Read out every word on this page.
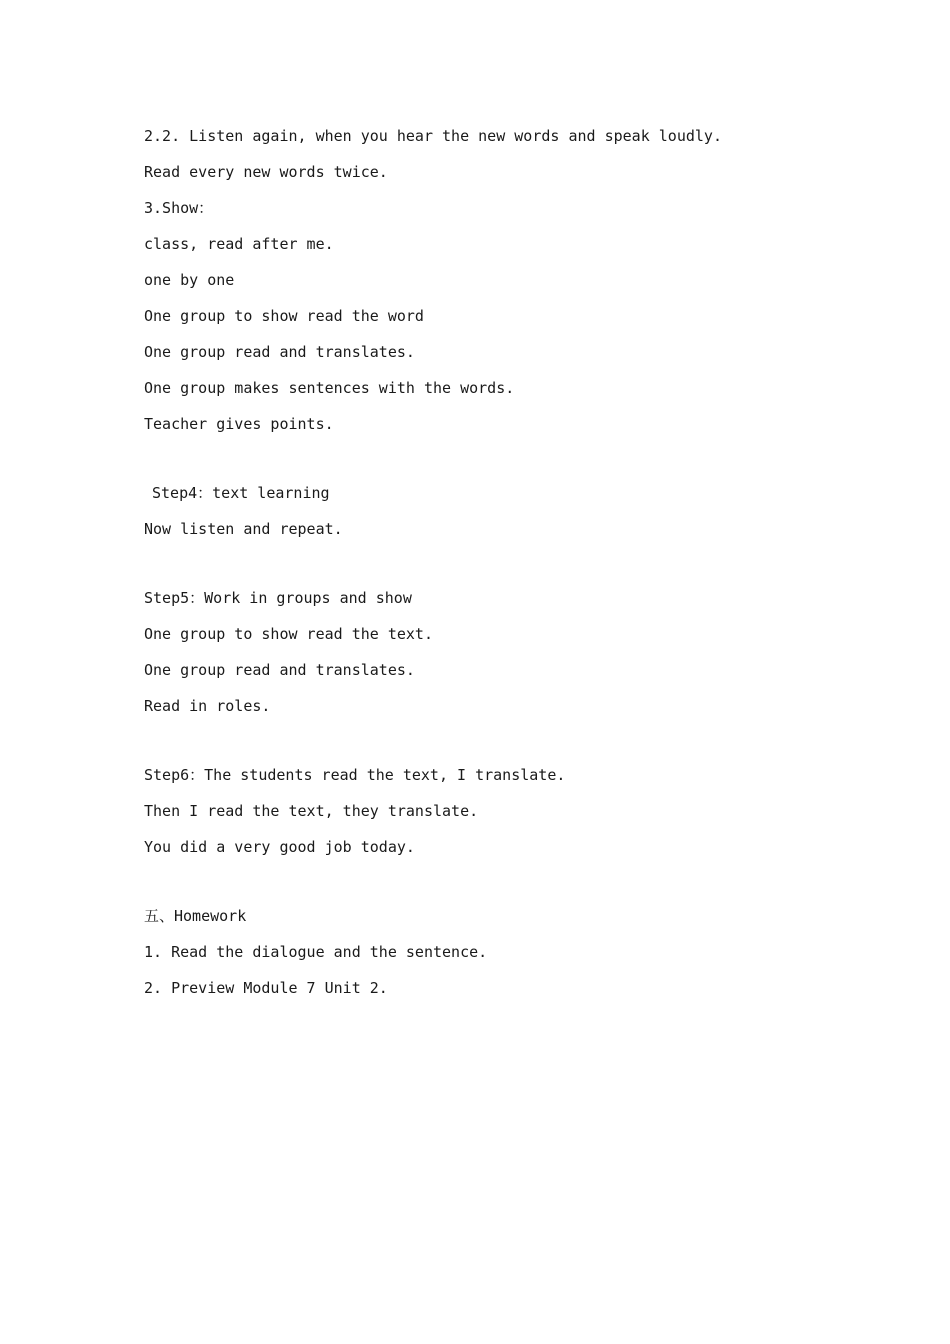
2.2. Listen again, when you hear the new words and speak loudly.
Read every new words twice.
3.Show：
class, read after me.
one by one
One group to show read the word
One group read and translates.
One group makes sentences with the words.
Teacher gives points.
Step4：text learning
Now listen and repeat.
Step5：Work in groups and show
One group to show read the text.
One group read and translates.
Read in roles.
Step6：The students read the text, I translate.
Then I read the text, they translate.
You did a very good job today.
五、Homework
1. Read the dialogue and the sentence.
2. Preview Module 7 Unit 2.
